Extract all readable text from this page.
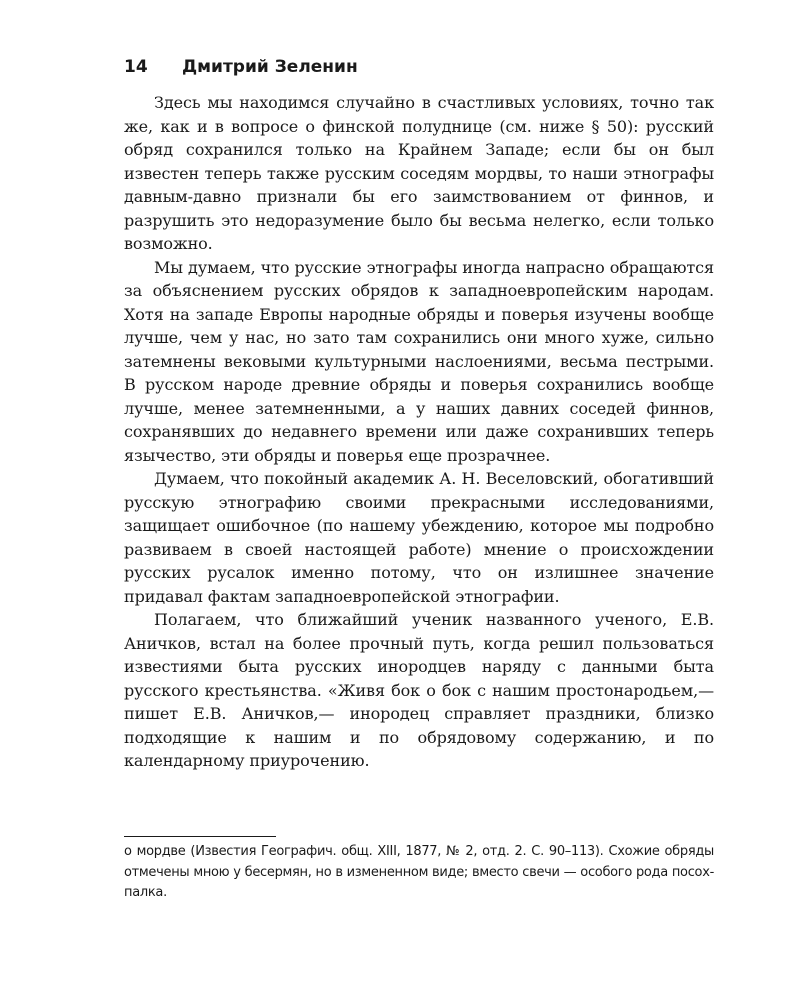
14 Дмитрий Зеленин

Здесь мы находимся случайно в счастливых условиях, точно так же, как и в вопросе о финской полуднице (см. ниже § 50): русский обряд сохранился только на Крайнем Западе; если бы он был известен теперь также русским соседям мордвы, то наши этнографы давным-давно признали бы его заимствованием от финнов, и разрушить это недоразумение было бы весьма нелегко, если только возможно.

Мы думаем, что русские этнографы иногда напрасно обращаются за объяснением русских обрядов к западноевропейским народам. Хотя на западе Европы народные обряды и поверья изучены вообще лучше, чем у нас, но зато там сохранились они много хуже, сильно затемнены вековыми культурными наслоениями, весьма пестрыми. В русском народе древние обряды и поверья сохранились вообще лучше, менее затемненными, а у наших давних соседей финнов, сохранявших до недавнего времени или даже сохранивших теперь язычество, эти обряды и поверья еще прозрачнее.

Думаем, что покойный академик А. Н. Веселовский, обогативший русскую этнографию своими прекрасными исследованиями, защищает ошибочное (по нашему убеждению, которое мы подробно развиваем в своей настоящей работе) мнение о происхождении русских русалок именно потому, что он излишнее значение придавал фактам западноевропейской этнографии.

Полагаем, что ближайший ученик названного ученого, Е.В. Аничков, встал на более прочный путь, когда решил пользоваться известиями быта русских инородцев наряду с данными быта русского крестьянства. «Живя бок о бок с нашим простонародьем,— пишет Е.В. Аничков,— инородец справляет праздники, близко подходящие к нашим и по обрядовому содержанию, и по календарному приурочению.

о мордве (Известия Географич. общ. XIII, 1877, № 2, отд. 2. С. 90–113). Схожие обряды отмечены мною у бесермян, но в измененном виде; вместо свечи — особого рода посох-палка.
